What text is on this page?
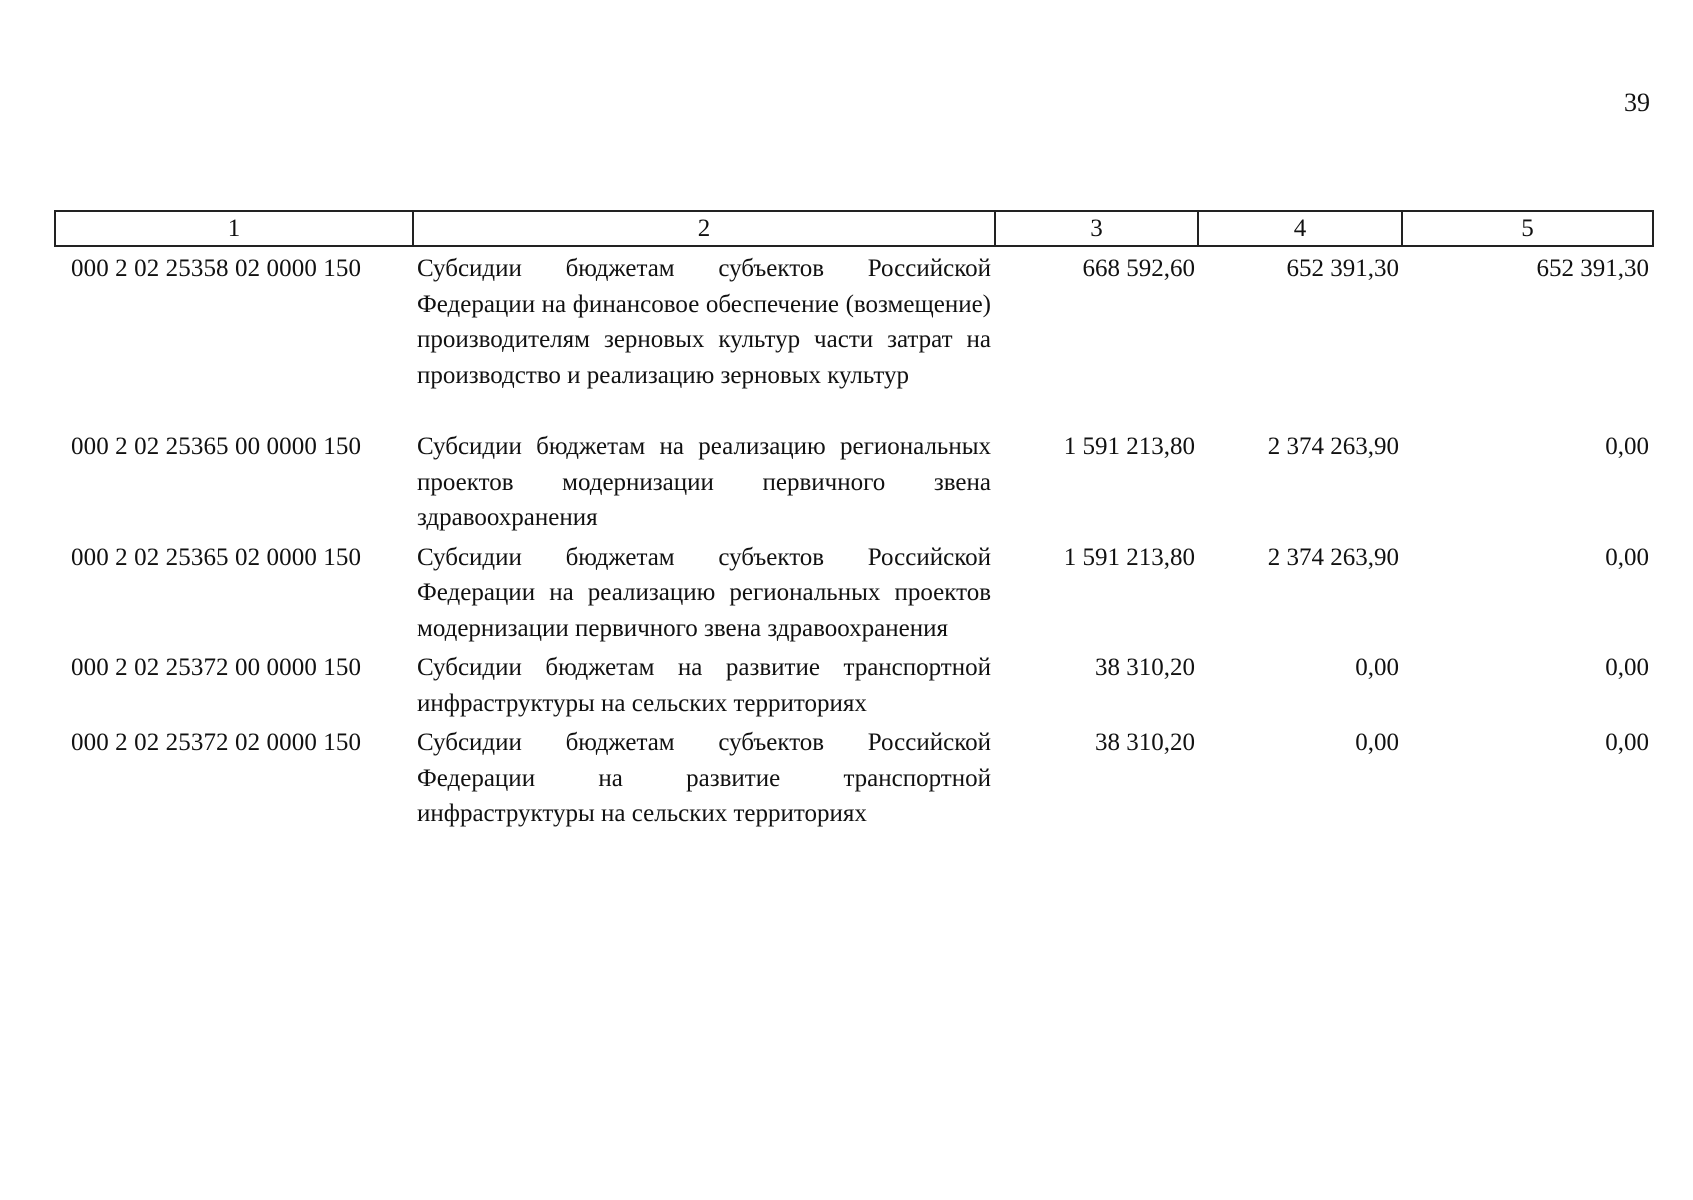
39
1	2	3	4	5
000 2 02 25358 02 0000 150	Субсидии бюджетам субъектов Российской Федерации на финансовое обеспечение (возмещение) производителям зерновых культур части затрат на производство и реализацию зерновых культур	668 592,60	652 391,30	652 391,30
000 2 02 25365 00 0000 150	Субсидии бюджетам на реализацию региональных проектов модернизации первичного звена здравоохранения	1 591 213,80	2 374 263,90	0,00
000 2 02 25365 02 0000 150	Субсидии бюджетам субъектов Российской Федерации на реализацию региональных проектов модернизации первичного звена здравоохранения	1 591 213,80	2 374 263,90	0,00
000 2 02 25372 00 0000 150	Субсидии бюджетам на развитие транспортной инфраструктуры на сельских территориях	38 310,20	0,00	0,00
000 2 02 25372 02 0000 150	Субсидии бюджетам субъектов Российской Федерации на развитие транспортной инфраструктуры на сельских территориях	38 310,20	0,00	0,00
